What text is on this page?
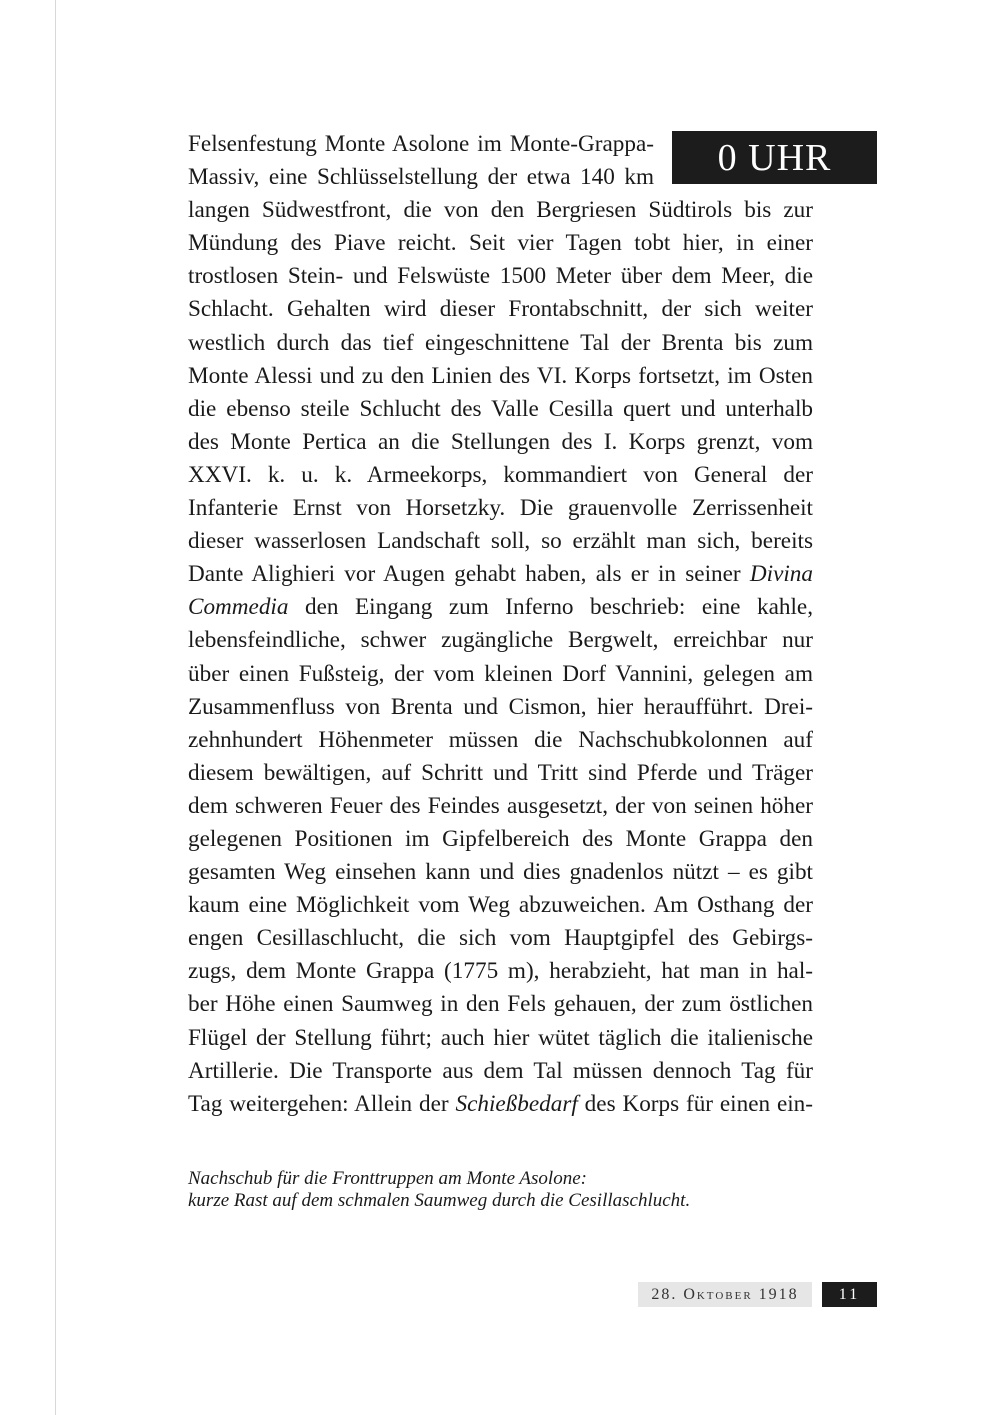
0 UHR
Felsenfestung Monte Asolone im Monte-Grappa-
Massiv, eine Schlüsselstellung der etwa 140 km
langen Südwestfront, die von den Bergriesen Südtirols bis zur
Mündung des Piave reicht. Seit vier Tagen tobt hier, in einer
trostlosen Stein- und Felswüste 1500 Meter über dem Meer, die
Schlacht. Gehalten wird dieser Frontabschnitt, der sich weiter
westlich durch das tief eingeschnittene Tal der Brenta bis zum
Monte Alessi und zu den Linien des VI. Korps fortsetzt, im Osten
die ebenso steile Schlucht des Valle Cesilla quert und unterhalb
des Monte Pertica an die Stellungen des I. Korps grenzt, vom
XXVI. k. u. k. Armeekorps, kommandiert von General der
Infanterie Ernst von Horsetzky. Die grauenvolle Zerrissenheit
dieser wasserlosen Landschaft soll, so erzählt man sich, bereits
Dante Alighieri vor Augen gehabt haben, als er in seiner Divina
Commedia den Eingang zum Inferno beschrieb: eine kahle,
lebensfeindliche, schwer zugängliche Bergwelt, erreichbar nur
über einen Fußsteig, der vom kleinen Dorf Vannini, gelegen am
Zusammenfluss von Brenta und Cismon, hier heraufführt. Drei-
zehnhundert Höhenmeter müssen die Nachschubkolonnen auf
diesem bewältigen, auf Schritt und Tritt sind Pferde und Träger
dem schweren Feuer des Feindes ausgesetzt, der von seinen höher
gelegenen Positionen im Gipfelbereich des Monte Grappa den
gesamten Weg einsehen kann und dies gnadenlos nützt – es gibt
kaum eine Möglichkeit vom Weg abzuweichen. Am Osthang der
engen Cesillaschlucht, die sich vom Hauptgipfel des Gebirgs-
zugs, dem Monte Grappa (1775 m), herabzieht, hat man in hal-
ber Höhe einen Saumweg in den Fels gehauen, der zum östlichen
Flügel der Stellung führt; auch hier wütet täglich die italienische
Artillerie. Die Transporte aus dem Tal müssen dennoch Tag für
Tag weitergehen: Allein der Schießbedarf des Korps für einen ein-
Nachschub für die Fronttruppen am Monte Asolone:
kurze Rast auf dem schmalen Saumweg durch die Cesillaschlucht.
28. Oktober 1918	11
